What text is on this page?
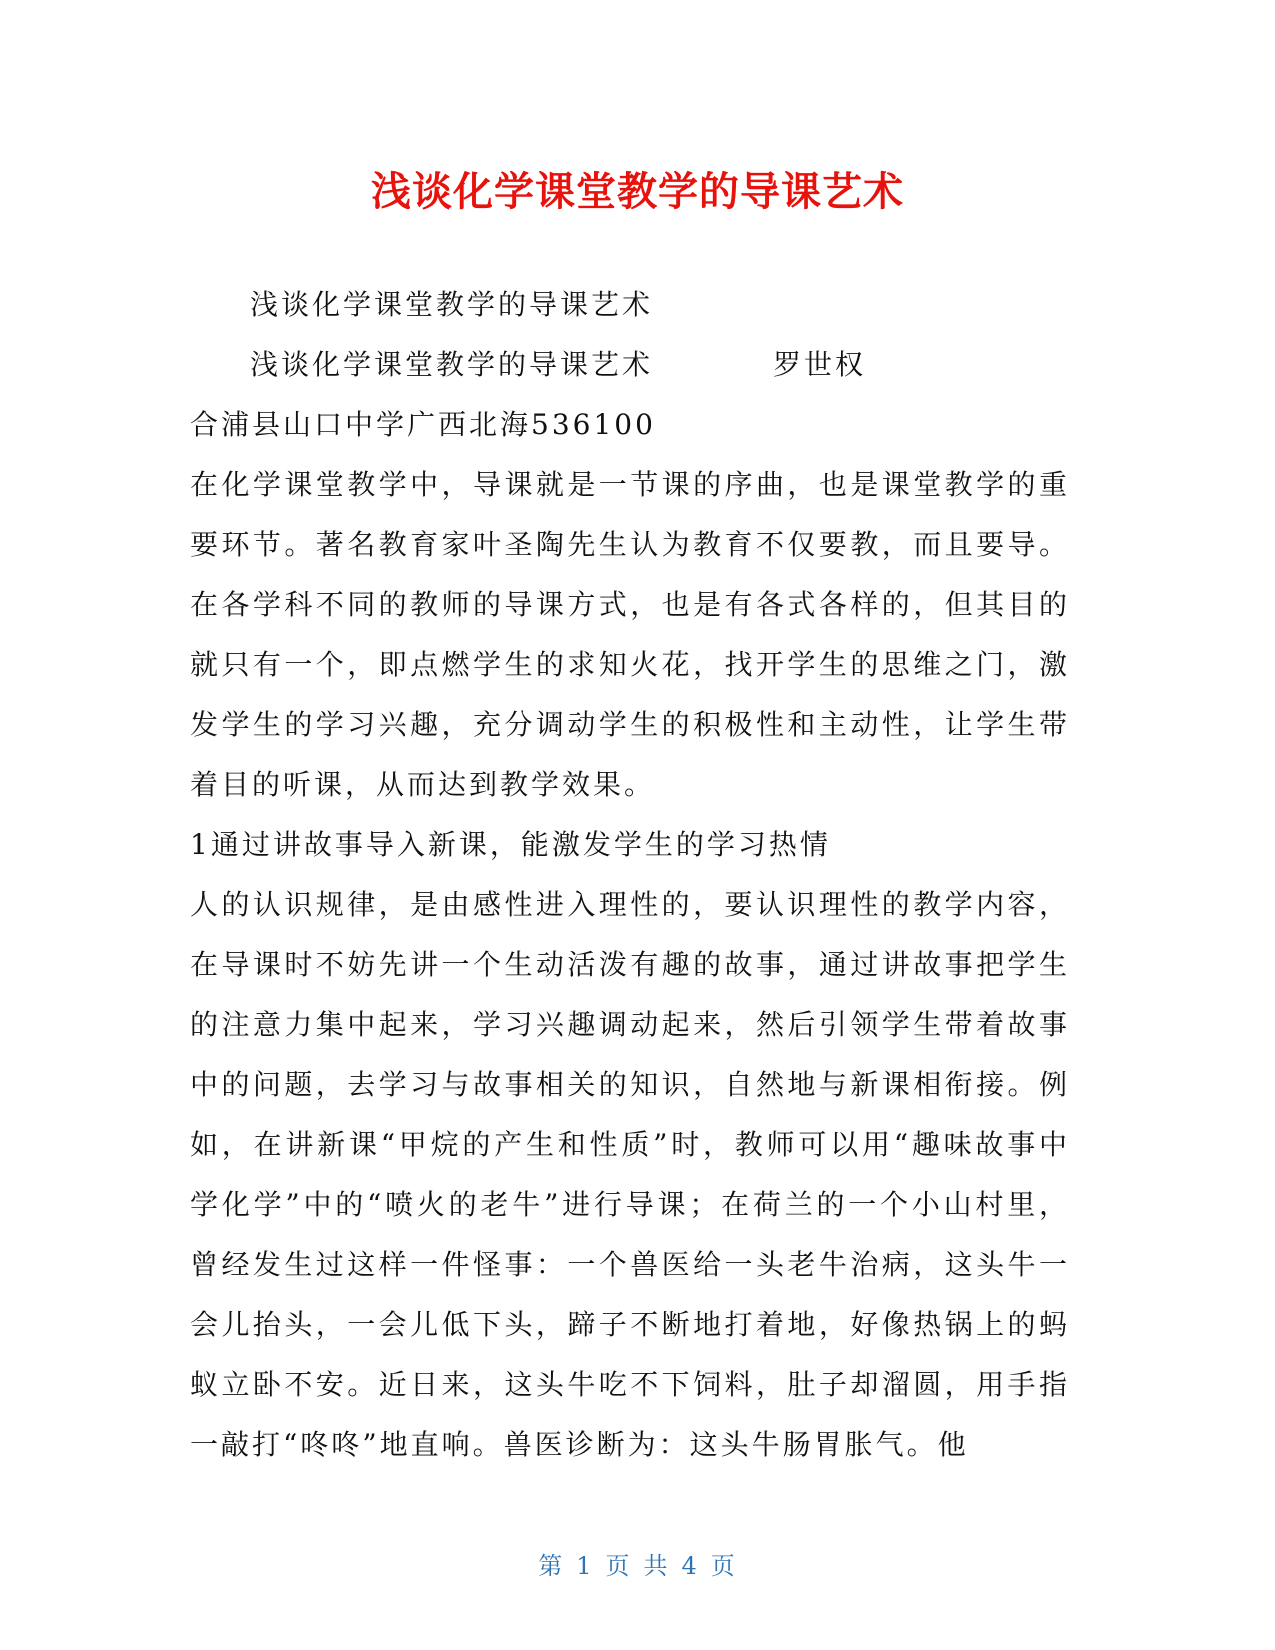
浅谈化学课堂教学的导课艺术
浅谈化学课堂教学的导课艺术
浅谈化学课堂教学的导课艺术	罗世权
合浦县山口中学广西北海536100
在化学课堂教学中，导课就是一节课的序曲，也是课堂教学的重要环节。著名教育家叶圣陶先生认为教育不仅要教，而且要导。在各学科不同的教师的导课方式，也是有各式各样的，但其目的就只有一个，即点燃学生的求知火花，找开学生的思维之门，激发学生的学习兴趣，充分调动学生的积极性和主动性，让学生带着目的听课，从而达到教学效果。
1通过讲故事导入新课，能激发学生的学习热情
人的认识规律，是由感性进入理性的，要认识理性的教学内容，在导课时不妨先讲一个生动活泼有趣的故事，通过讲故事把学生的注意力集中起来，学习兴趣调动起来，然后引领学生带着故事中的问题，去学习与故事相关的知识，自然地与新课相衔接。例如，在讲新课“甲烷的产生和性质”时，教师可以用“趣味故事中学化学”中的“喷火的老牛”进行导课；在荷兰的一个小山村里，曾经发生过这样一件怪事：一个兽医给一头老牛治病，这头牛一会儿抬头，一会儿低下头，蹄子不断地打着地，好像热锅上的蚂蚁立卧不安。近日来，这头牛吃不下饲料，肚子却溜圆，用手指一敲打“咚咚”地直响。兽医诊断为：这头牛肠胃胀气。他
第 1 页 共 4 页
